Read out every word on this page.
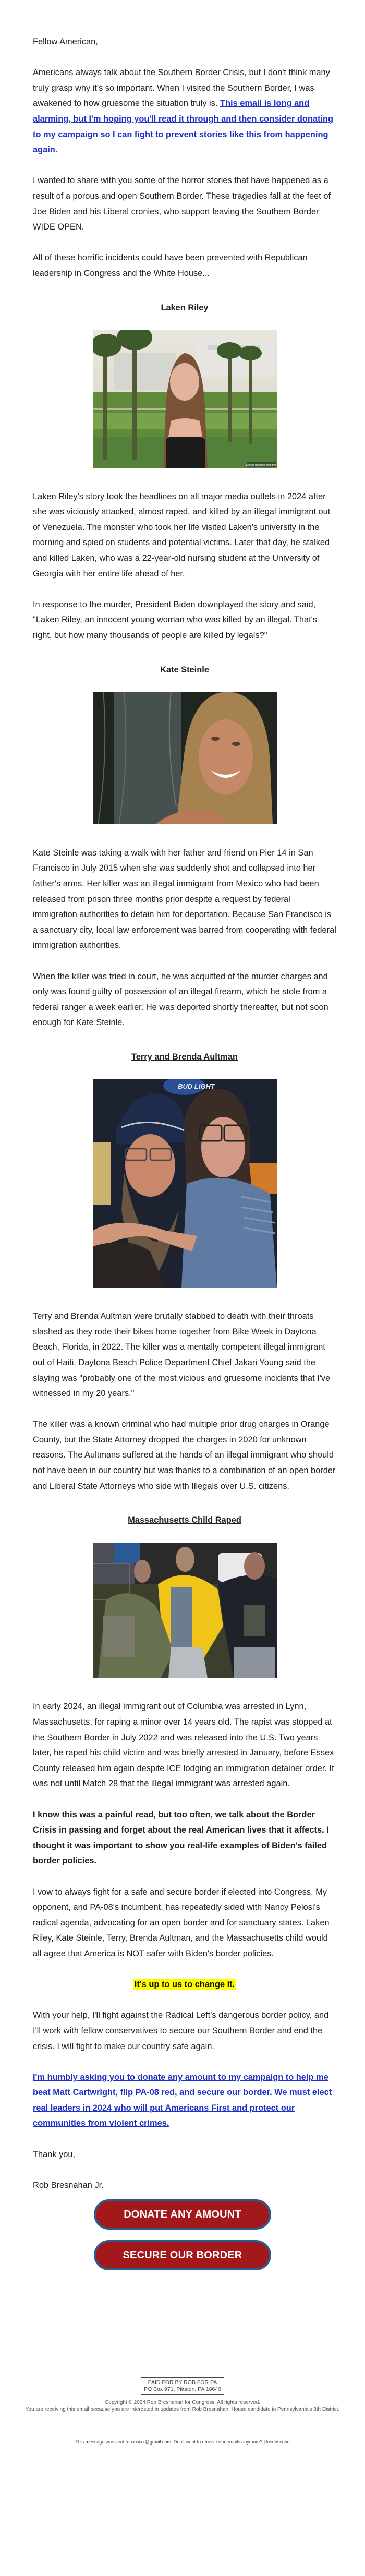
Fellow American,

Americans always talk about the Southern Border Crisis, but I don't think many truly grasp why it's so important. When I visited the Southern Border, I was awakened to how gruesome the situation truly is. This email is long and alarming, but I'm hoping you'll read it through and then consider donating to my campaign so I can fight to prevent stories like this from happening again.

I wanted to share with you some of the horror stories that have happened as a result of a porous and open Southern Border. These tragedies fall at the feet of Joe Biden and his Liberal cronies, who support leaving the Southern Border WIDE OPEN.

All of these horrific incidents could have been prevented with Republican leadership in Congress and the White House...

Laken Riley
Kassar Rogers/Sofiandme

Laken Riley's story took the headlines on all major media outlets in 2024 after she was viciously attacked, almost raped, and killed by an illegal immigrant out of Venezuela. The monster who took her life visited Laken's university in the morning and spied on students and potential victims. Later that day, he stalked and killed Laken, who was a 22-year-old nursing student at the University of Georgia with her entire life ahead of her.

In response to the murder, President Biden downplayed the story and said, "Laken Riley, an innocent young woman who was killed by an illegal. That's right, but how many thousands of people are killed by legals?"

Kate Steinle

Kate Steinle was taking a walk with her father and friend on Pier 14 in San Francisco in July 2015 when she was suddenly shot and collapsed into her father's arms. Her killer was an illegal immigrant from Mexico who had been released from prison three months prior despite a request by federal immigration authorities to detain him for deportation. Because San Francisco is a sanctuary city, local law enforcement was barred from cooperating with federal immigration authorities.

When the killer was tried in court, he was acquitted of the murder charges and only was found guilty of possession of an illegal firearm, which he stole from a federal ranger a week earlier. He was deported shortly thereafter, but not soon enough for Kate Steinle.

Terry and Brenda Aultman
BUD LIGHT

Terry and Brenda Aultman were brutally stabbed to death with their throats slashed as they rode their bikes home together from Bike Week in Daytona Beach, Florida, in 2022. The killer was a mentally competent illegal immigrant out of Haiti. Daytona Beach Police Department Chief Jakari Young said the slaying was "probably one of the most vicious and gruesome incidents that I've witnessed in my 20 years."

The killer was a known criminal who had multiple prior drug charges in Orange County, but the State Attorney dropped the charges in 2020 for unknown reasons. The Aultmans suffered at the hands of an illegal immigrant who should not have been in our country but was thanks to a combination of an open border and Liberal State Attorneys who side with Illegals over U.S. citizens.

Massachusetts Child Raped

In early 2024, an illegal immigrant out of Columbia was arrested in Lynn, Massachusetts, for raping a minor over 14 years old. The rapist was stopped at the Southern Border in July 2022 and was released into the U.S. Two years later, he raped his child victim and was briefly arrested in January, before Essex County released him again despite ICE lodging an immigration detainer order. It was not until Match 28 that the illegal immigrant was arrested again.

I know this was a painful read, but too often, we talk about the Border Crisis in passing and forget about the real American lives that it affects. I thought it was important to show you real-life examples of Biden's failed border policies.

I vow to always fight for a safe and secure border if elected into Congress. My opponent, and PA-08's incumbent, has repeatedly sided with Nancy Pelosi's radical agenda, advocating for an open border and for sanctuary states. Laken Riley, Kate Steinle, Terry, Brenda Aultman, and the Massachusetts child would all agree that America is NOT safer with Biden's border policies.

It's up to us to change it.

With your help, I'll fight against the Radical Left's dangerous border policy, and I'll work with fellow conservatives to secure our Southern Border and end the crisis. I will fight to make our country safe again.

I'm humbly asking you to donate any amount to my campaign to help me beat Matt Cartwright, flip PA-08 red, and secure our border. We must elect real leaders in 2024 who will put Americans First and protect our communities from violent crimes.

Thank you,

Rob Bresnahan Jr.

DONATE ANY AMOUNT
SECURE OUR BORDER
PAID FOR BY ROB FOR PA
PO Box 971, Pittston, PA 18640
Copyright © 2024 Rob Bresnahan for Congress, All rights reserved.
You are receiving this email because you are interested in updates from Rob Bresnahan, House candidate in Pennsylvania's 8th District.
This message was sent to xxxxxx@gmail.com. Don't want to receive our emails anymore? Unsubscribe
